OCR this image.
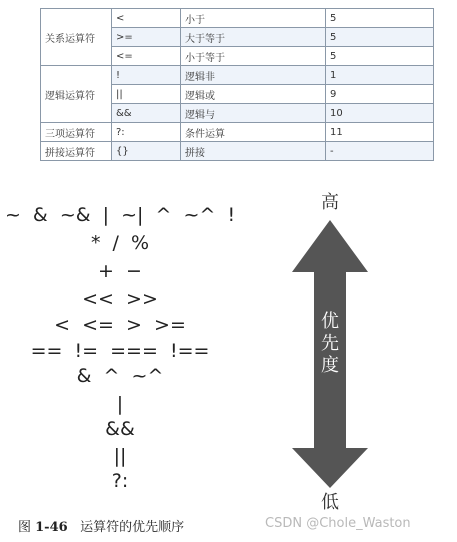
关系运算符	<	小于	5
	>=	大于等于	5
	<=	小于等于	5
逻辑运算符	!	逻辑非	1
	||	逻辑或	9
	&&	逻辑与	10
三项运算符	?:	条件运算	11
拼接运算符	{}	拼接	-
~  &  ~&  |  ~|  ^  ~^  !
*  /  %
+  −
<<  >>
<  <=  >  >=
==  !=  ===  !==
&  ^  ~^
|
&&
||
?:
高
优
先
度
低
图 1-46 运算符的优先顺序	CSDN @Chole_Waston
